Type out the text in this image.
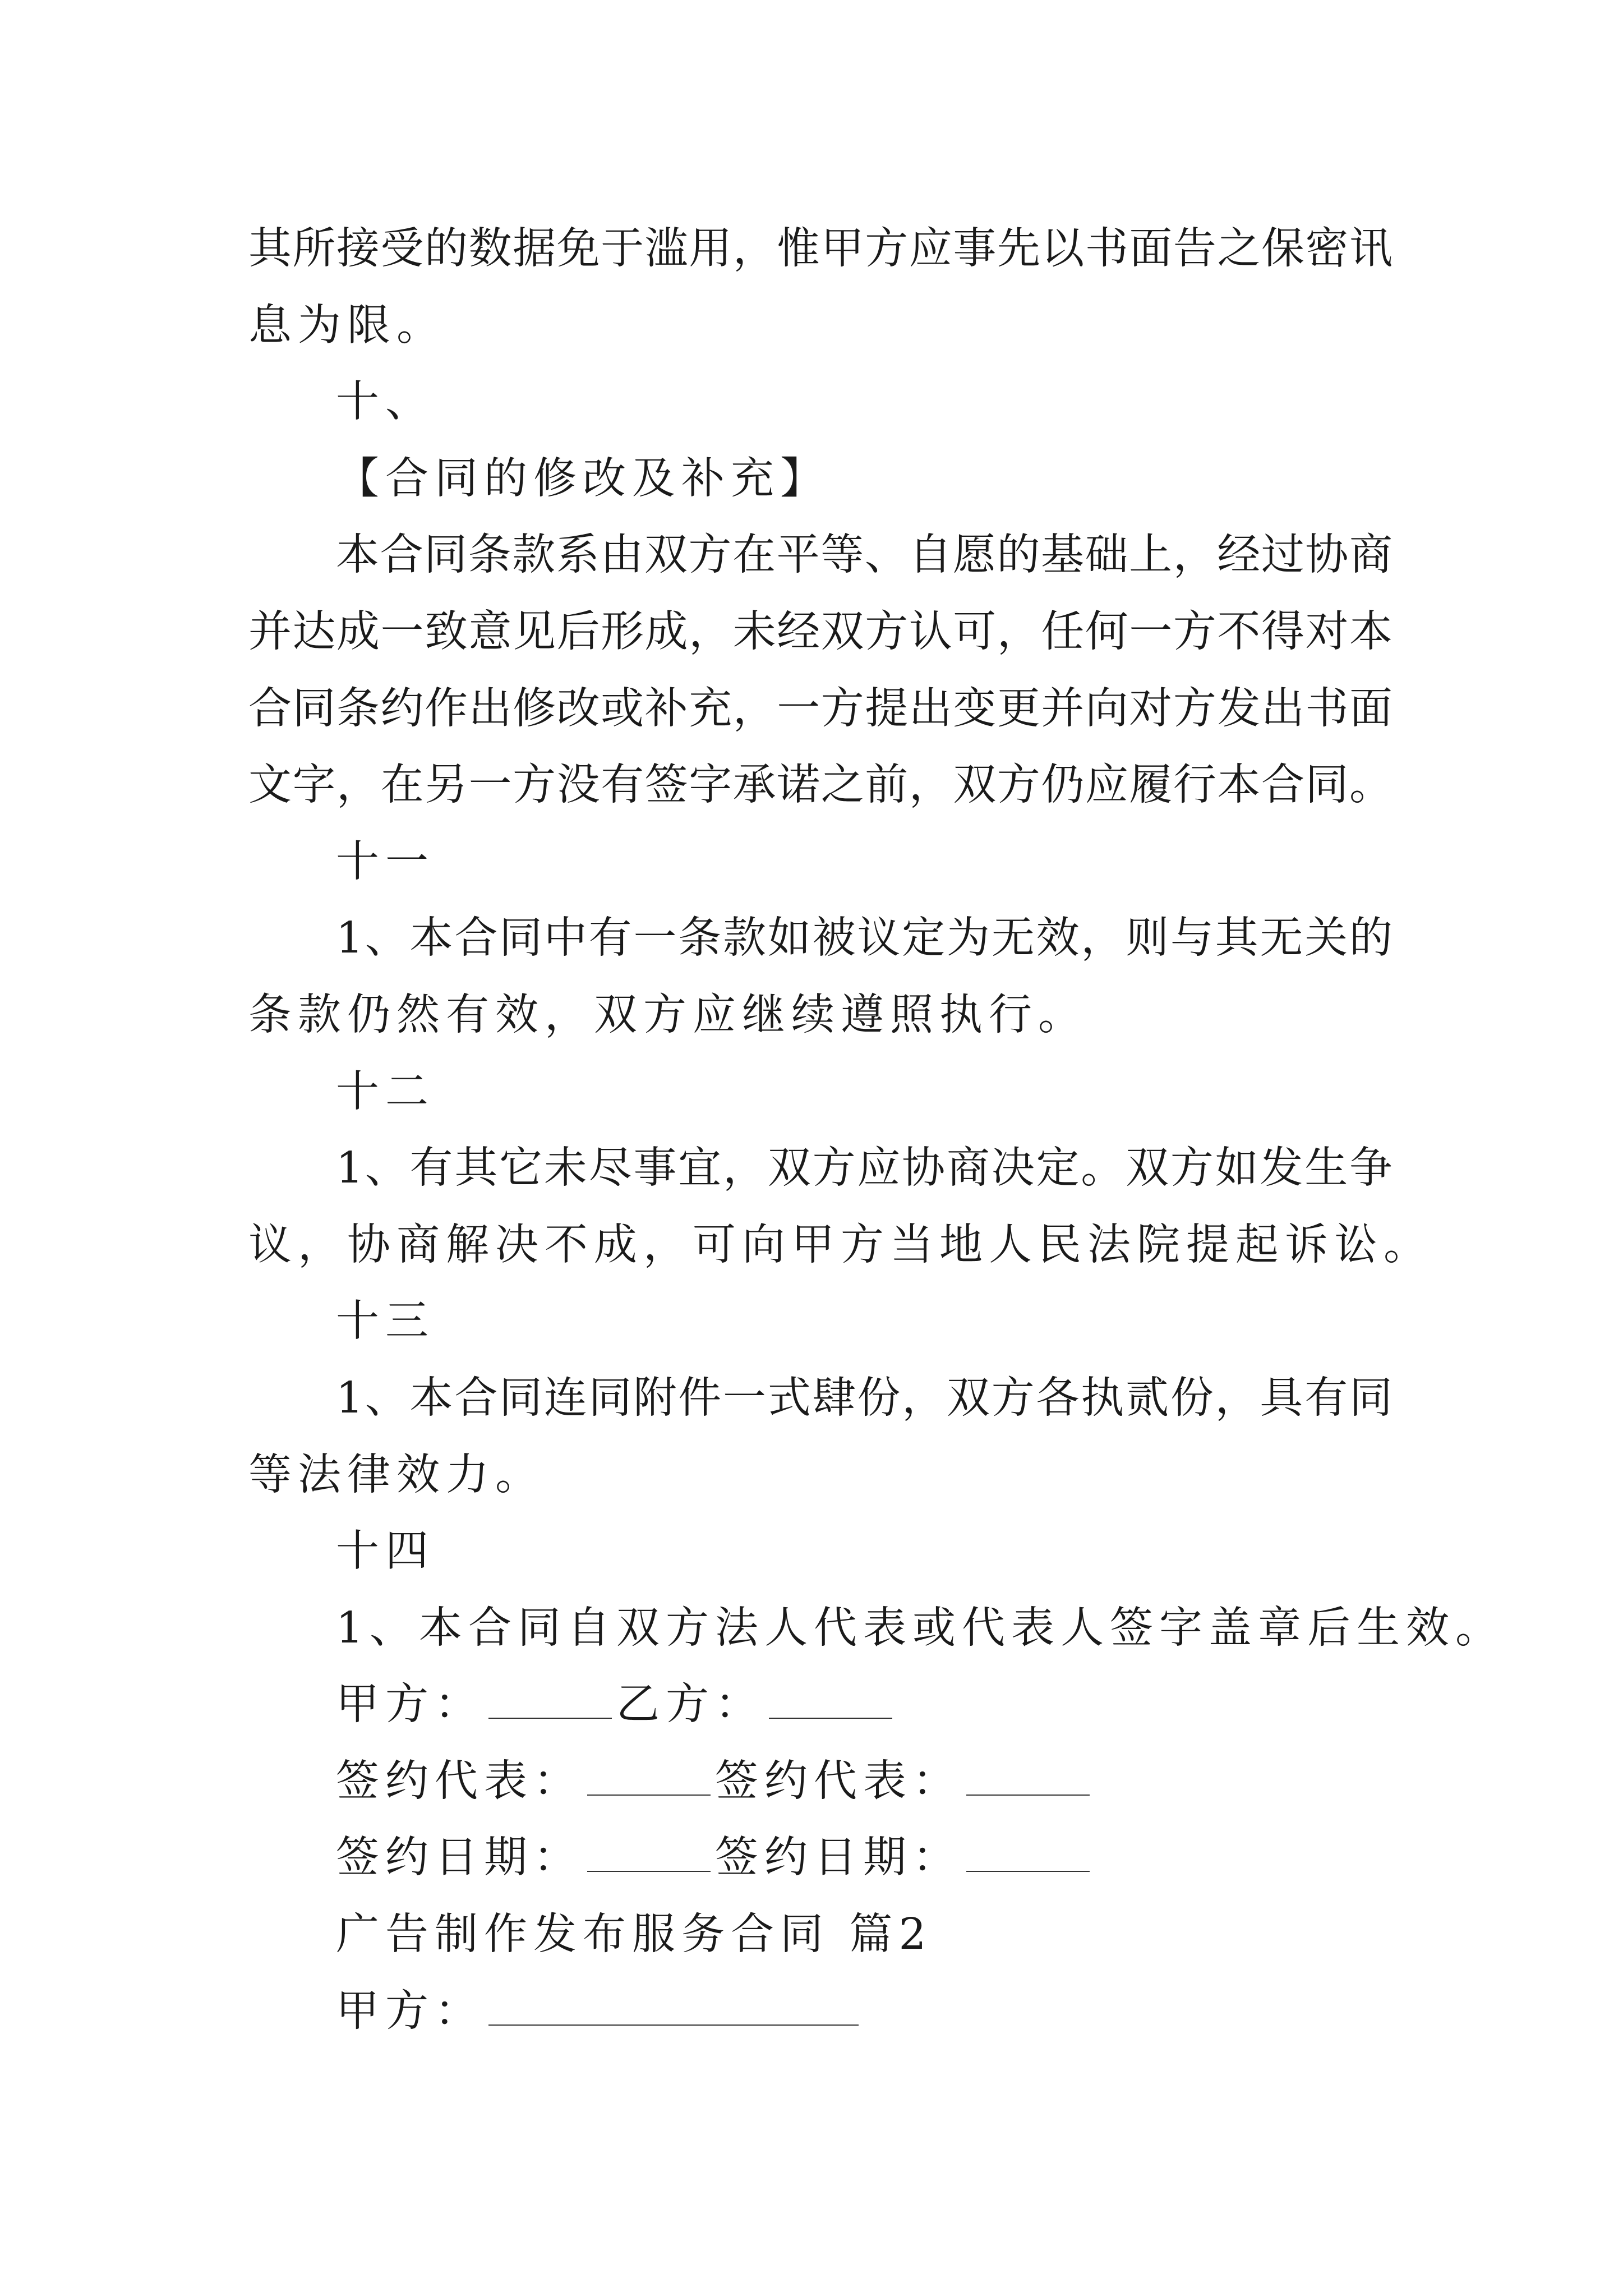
其所接受的数据免于滥用，惟甲方应事先以书面告之保密讯
息为限。
十、
【合同的修改及补充】
本合同条款系由双方在平等、自愿的基础上，经过协商
并达成一致意见后形成，未经双方认可，任何一方不得对本
合同条约作出修改或补充，一方提出变更并向对方发出书面
文字，在另一方没有签字承诺之前，双方仍应履行本合同。
十一
1、本合同中有一条款如被议定为无效，则与其无关的
条款仍然有效，双方应继续遵照执行。
十二
1、有其它未尽事宜，双方应协商决定。双方如发生争
议，协商解决不成，可向甲方当地人民法院提起诉讼。
十三
1、本合同连同附件一式肆份，双方各执贰份，具有同
等法律效力。
十四
1、本合同自双方法人代表或代表人签字盖章后生效。
甲方：	乙方：
签约代表：	签约代表：
签约日期：	签约日期：
广告制作发布服务合同 篇2
甲方：
